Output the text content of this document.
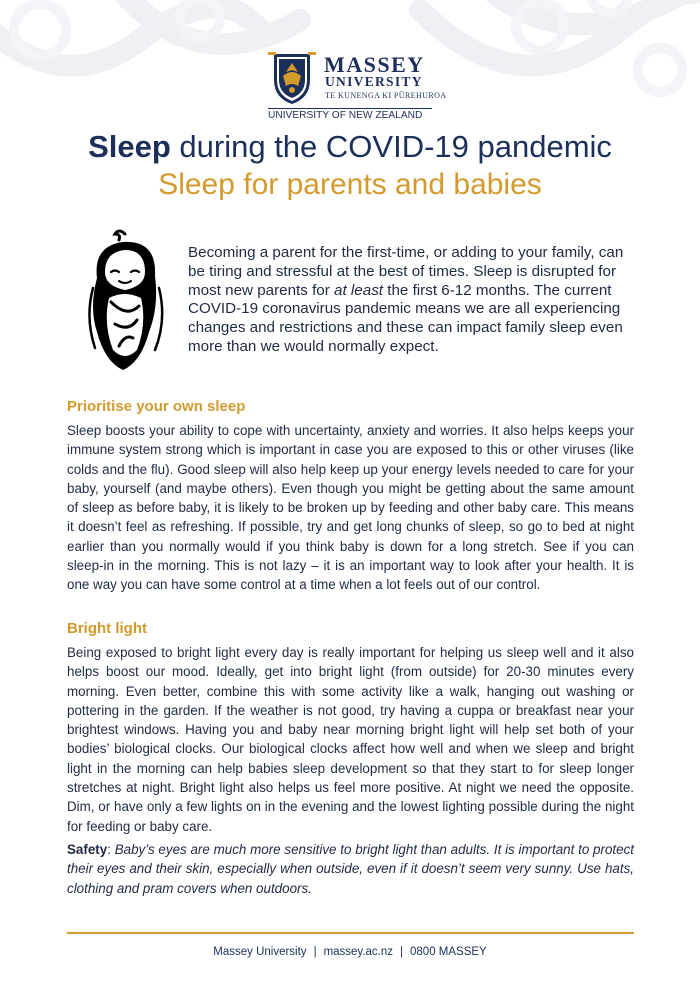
MASSEY
UNIVERSITY
TE KUNENGA KI PŪREHUROA
UNIVERSITY OF NEW ZEALAND
Sleep during the COVID-19 pandemic
Sleep for parents and babies

Becoming a parent for the first-time, or adding to your family, can be tiring and stressful at the best of times. Sleep is disrupted for most new parents for at least the first 6-12 months. The current COVID-19 coronavirus pandemic means we are all experiencing changes and restrictions and these can impact family sleep even more than we would normally expect.

Prioritise your own sleep

Sleep boosts your ability to cope with uncertainty, anxiety and worries. It also helps keeps your immune system strong which is important in case you are exposed to this or other viruses (like colds and the flu). Good sleep will also help keep up your energy levels needed to care for your baby, yourself (and maybe others). Even though you might be getting about the same amount of sleep as before baby, it is likely to be broken up by feeding and other baby care. This means it doesn’t feel as refreshing. If possible, try and get long chunks of sleep, so go to bed at night earlier than you normally would if you think baby is down for a long stretch. See if you can sleep-in in the morning. This is not lazy – it is an important way to look after your health. It is one way you can have some control at a time when a lot feels out of our control.

Bright light

Being exposed to bright light every day is really important for helping us sleep well and it also helps boost our mood. Ideally, get into bright light (from outside) for 20-30 minutes every morning. Even better, combine this with some activity like a walk, hanging out washing or pottering in the garden. If the weather is not good, try having a cuppa or breakfast near your brightest windows. Having you and baby near morning bright light will help set both of your bodies’ biological clocks. Our biological clocks affect how well and when we sleep and bright light in the morning can help babies sleep development so that they start to for sleep longer stretches at night. Bright light also helps us feel more positive. At night we need the opposite. Dim, or have only a few lights on in the evening and the lowest lighting possible during the night for feeding or baby care.

Safety: Baby’s eyes are much more sensitive to bright light than adults. It is important to protect their eyes and their skin, especially when outside, even if it doesn’t seem very sunny. Use hats, clothing and pram covers when outdoors.

Massey University | massey.ac.nz | 0800 MASSEY
